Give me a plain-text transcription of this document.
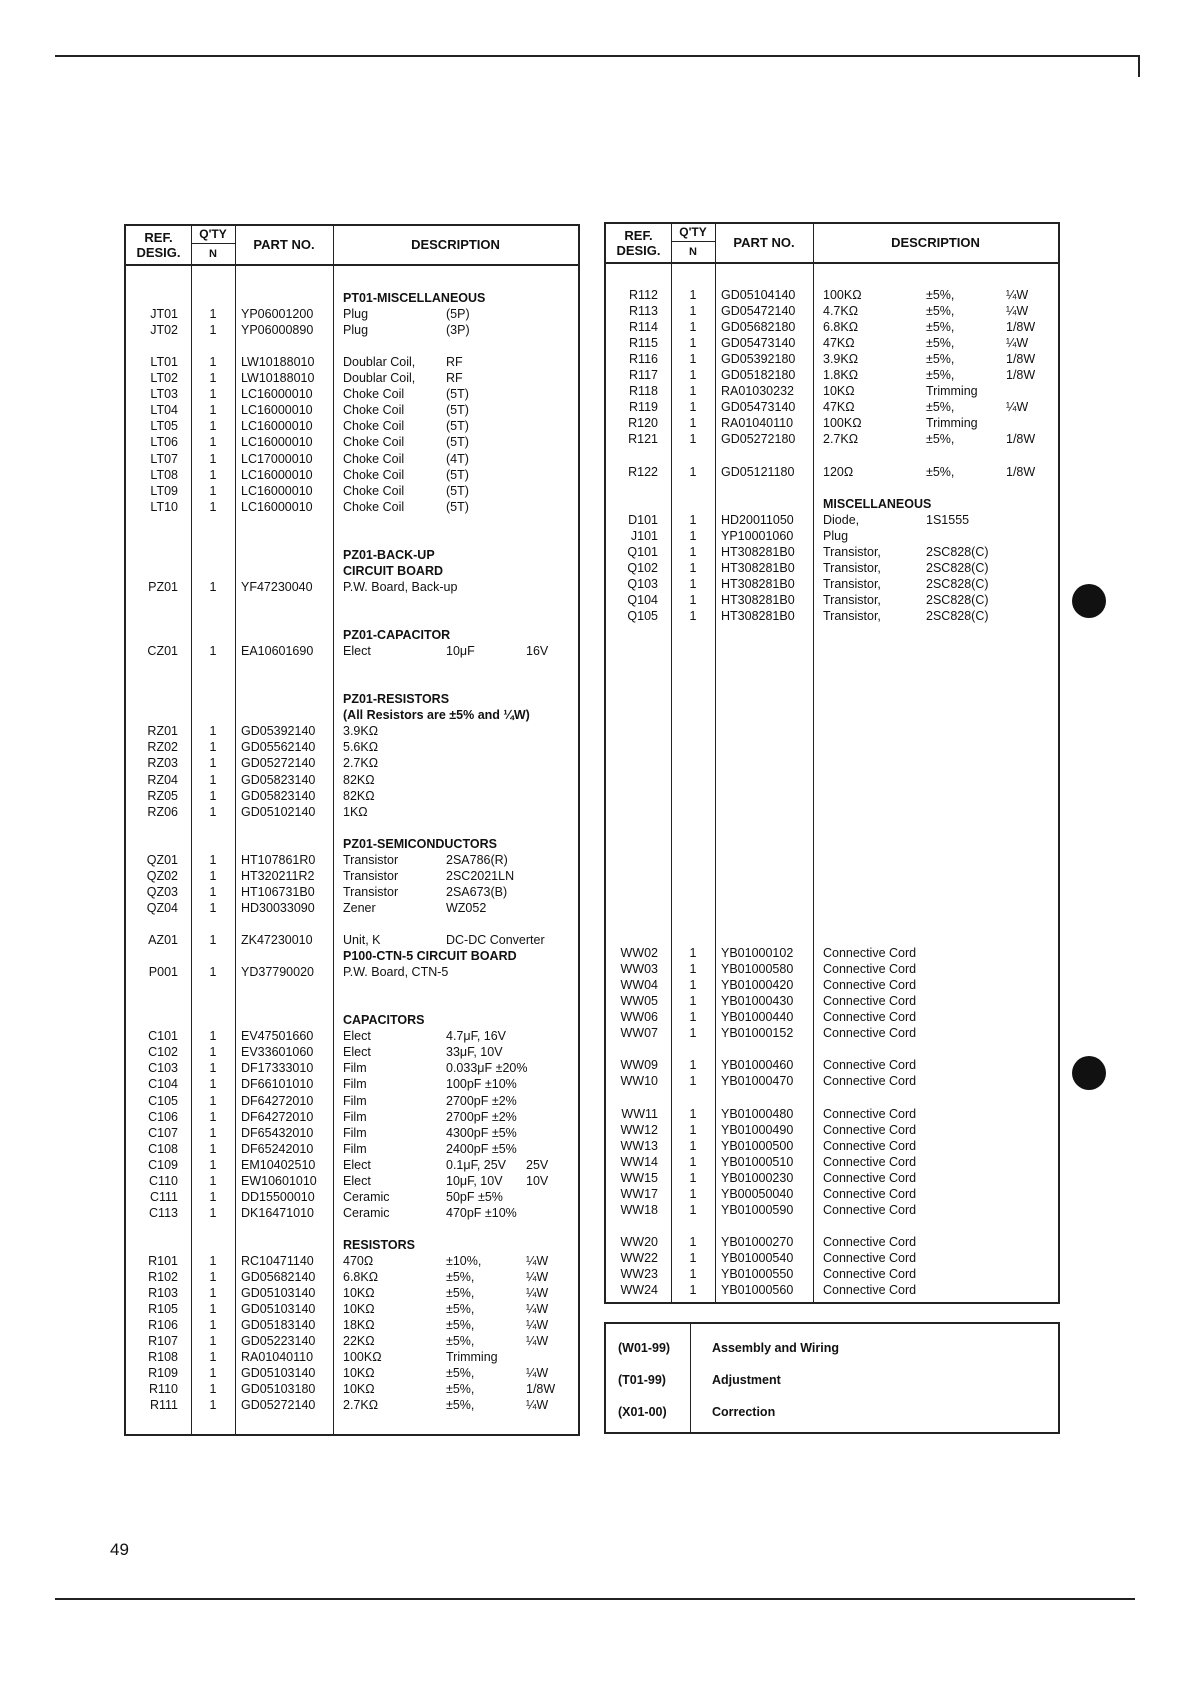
REF.
DESIG.
Q'TY
N
PART NO.	DESCRIPTION
PT01-MISCELLANEOUS
JT01	1	YP06001200 Plug	(5P)
JT02	1	YP06000890 Plug	(3P)
LT01	1	LW10188010 Doublar Coil, RF
LT02	1	LW10188010 Doublar Coil, RF
LT03	1	LC16000010 Choke Coil	(5T)
LT04	1	LC16000010 Choke Coil	(5T)
LT05	1	LC16000010 Choke Coil	(5T)
LT06	1	LC16000010 Choke Coil	(5T)
LT07	1	LC17000010 Choke Coil	(4T)
LT08	1	LC16000010 Choke Coil	(5T)
LT09	1	LC16000010 Choke Coil	(5T)
LT10	1	LC16000010 Choke Coil	(5T)
PZ01-BACK-UP
CIRCUIT BOARD
PZ01	1	YF47230040 P.W. Board, Back-up
PZ01-CAPACITOR
CZ01	1	EA10601690 Elect	10μF	16V
PZ01-RESISTORS
(All Resistors are ±5% and ¼W)
RZ01	1	GD05392140 3.9KΩ
RZ02	1	GD05562140 5.6KΩ
RZ03	1	GD05272140 2.7KΩ
RZ04	1	GD05823140 82KΩ
RZ05	1	GD05823140 82KΩ
RZ06	1	GD05102140 1KΩ
PZ01-SEMICONDUCTORS
QZ01	1	HT107861R0 Transistor	2SA786(R)
QZ02	1	HT320211R2 Transistor	2SC2021LN
QZ03	1	HT106731B0 Transistor	2SA673(B)
QZ04	1	HD30033090 Zener	WZ052
AZ01	1	ZK47230010 Unit, K	DC-DC Converter
P100-CTN-5 CIRCUIT BOARD
P001	1	YD37790020 P.W. Board, CTN-5
CAPACITORS
C101	1	EV47501660 Elect	4.7μF, 16V
C102	1	EV33601060 Elect	33μF, 10V
C103	1	DF17333010 Film	0.033μF ±20%
C104	1	DF66101010 Film	100pF ±10%
C105	1	DF64272010 Film	2700pF ±2%
C106	1	DF64272010 Film	2700pF ±2%
C107	1	DF65432010 Film	4300pF ±5%
C108	1	DF65242010 Film	2400pF ±5%
C109	1	EM10402510 Elect	0.1μF, 25V 25V
C110	1	EW10601010 Elect	10μF, 10V 10V
C111	1	DD15500010 Ceramic	50pF ±5%
C113	1	DK16471010 Ceramic	470pF ±10%
RESISTORS
R101	1	RC10471140 470Ω	±10%,	¼W
R102	1	GD05682140 6.8KΩ	±5%,	¼W
R103	1	GD05103140 10KΩ	±5%,	¼W
R105	1	GD05103140 10KΩ	±5%,	¼W
R106	1	GD05183140 18KΩ	±5%,	¼W
R107	1	GD05223140 22KΩ	±5%,	¼W
R108	1	RA01040110 100KΩ	Trimming
R109	1	GD05103140 10KΩ	±5%,	¼W
R110	1	GD05103180 10KΩ	±5%,	1/8W
R111	1	GD05272140 2.7KΩ	±5%,	¼W
REF.
DESIG.
Q'TY
N
PART NO.	DESCRIPTION
R112	1	GD05104140 100KΩ	±5%,	¼W
R113	1	GD05472140 4.7KΩ	±5%,	¼W
R114	1	GD05682180 6.8KΩ	±5%,	1/8W
R115	1	GD05473140 47KΩ	±5%,	¼W
R116	1	GD05392180 3.9KΩ	±5%,	1/8W
R117	1	GD05182180 1.8KΩ	±5%,	1/8W
R118	1	RA01030232 10KΩ	Trimming
R119	1	GD05473140 47KΩ	±5%,	¼W
R120	1	RA01040110 100KΩ	Trimming
R121	1	GD05272180 2.7KΩ	±5%,	1/8W
R122	1	GD05121180 120Ω	±5%,	1/8W
MISCELLANEOUS
D101	1	HD20011050 Diode,	1S1555
J101	1	YP10001060 Plug
Q101	1	HT308281B0 Transistor,	2SC828(C)
Q102	1	HT308281B0 Transistor,	2SC828(C)
Q103	1	HT308281B0 Transistor,	2SC828(C)
Q104	1	HT308281B0 Transistor,	2SC828(C)
Q105	1	HT308281B0 Transistor,	2SC828(C)
WW02	1	YB01000102 Connective Cord
WW03	1	YB01000580 Connective Cord
WW04	1	YB01000420 Connective Cord
WW05	1	YB01000430 Connective Cord
WW06	1	YB01000440 Connective Cord
WW07	1	YB01000152 Connective Cord
WW09	1	YB01000460 Connective Cord
WW10	1	YB01000470 Connective Cord
WW11	1	YB01000480 Connective Cord
WW12	1	YB01000490 Connective Cord
WW13	1	YB01000500 Connective Cord
WW14	1	YB01000510 Connective Cord
WW15	1	YB01000230 Connective Cord
WW17	1	YB00050040 Connective Cord
WW18	1	YB01000590 Connective Cord
WW20	1	YB01000270 Connective Cord
WW22	1	YB01000540 Connective Cord
WW23	1	YB01000550 Connective Cord
WW24	1	YB01000560 Connective Cord
(W01-99)	Assembly and Wiring
(T01-99)	Adjustment
(X01-00)	Correction
49
